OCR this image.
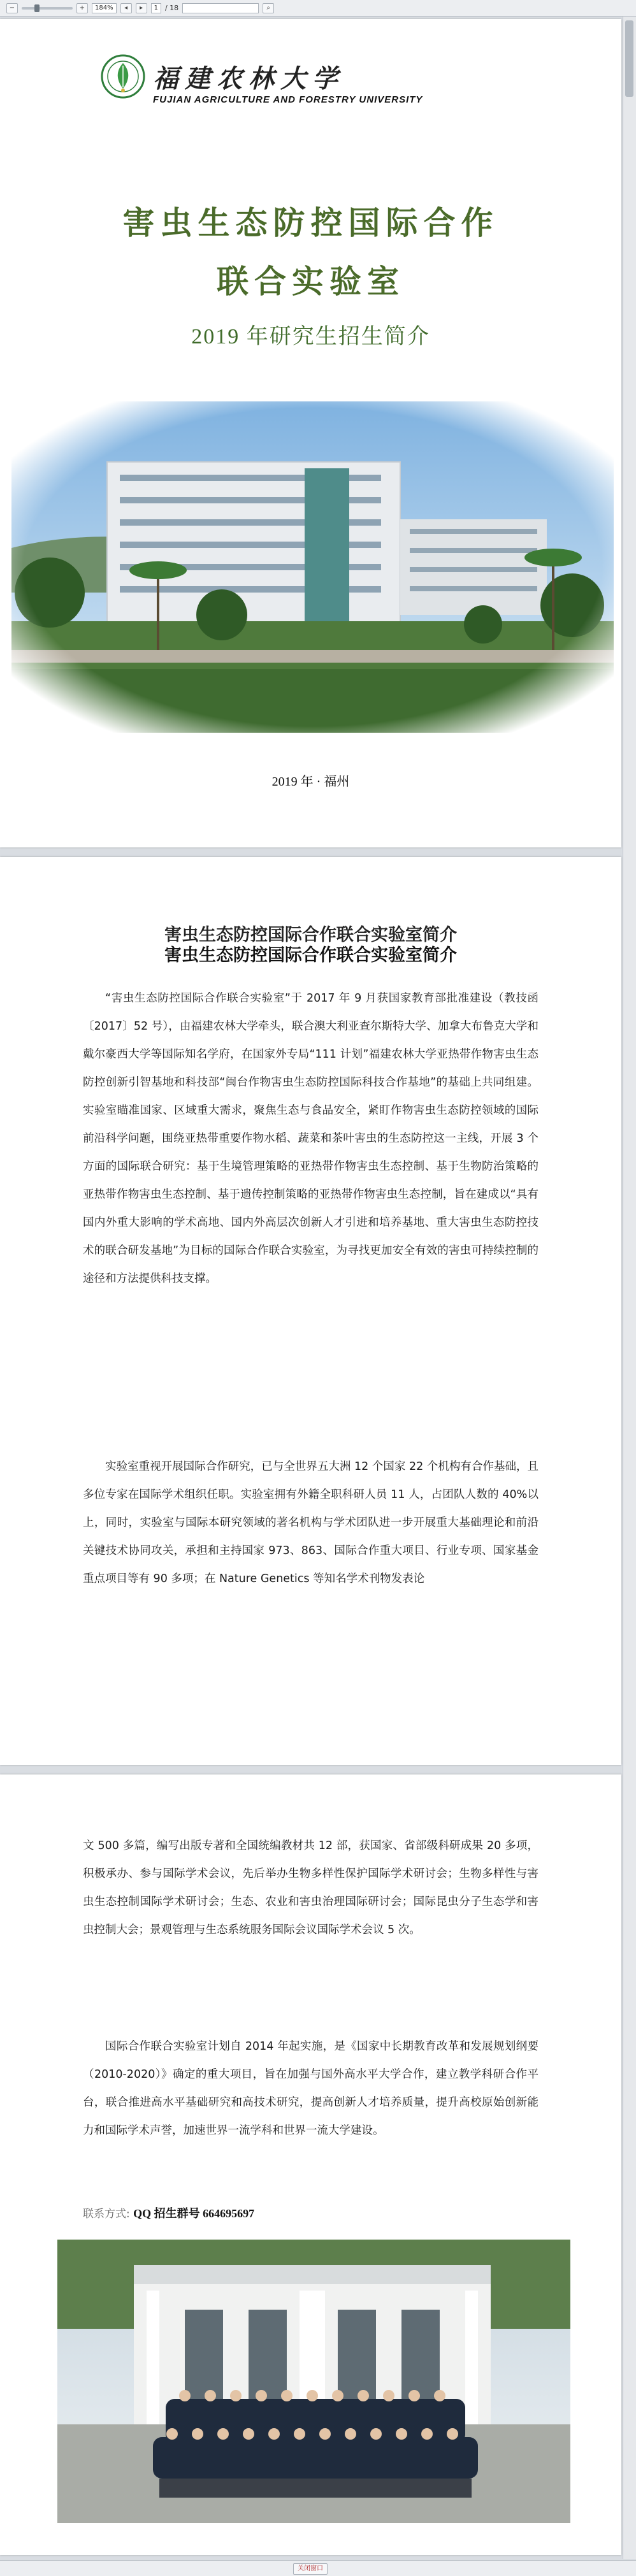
−	+	184%	◂	▸	1	/ 18	⌕
福建农林大学
FUJIAN AGRICULTURE AND FORESTRY UNIVERSITY
害虫生态防控国际合作
联合实验室
2019 年研究生招生简介
2019 年 · 福州
害虫生态防控国际合作联合实验室简介
害虫生态防控国际合作联合实验室简介

“害虫生态防控国际合作联合实验室”于 2017 年 9 月获国家教育部批准建设（教技函〔2017〕52 号），由福建农林大学牵头，联合澳大利亚查尔斯特大学、加拿大布鲁克大学和戴尔豪西大学等国际知名学府，在国家外专局“111 计划”福建农林大学亚热带作物害虫生态防控创新引智基地和科技部“闽台作物害虫生态防控国际科技合作基地”的基础上共同组建。实验室瞄准国家、区域重大需求，聚焦生态与食品安全，紧盯作物害虫生态防控领域的国际前沿科学问题，围绕亚热带重要作物水稻、蔬菜和茶叶害虫的生态防控这一主线，开展 3 个方面的国际联合研究：基于生境管理策略的亚热带作物害虫生态控制、基于生物防治策略的亚热带作物害虫生态控制、基于遗传控制策略的亚热带作物害虫生态控制，旨在建成以“具有国内外重大影响的学术高地、国内外高层次创新人才引进和培养基地、重大害虫生态防控技术的联合研发基地”为目标的国际合作联合实验室，为寻找更加安全有效的害虫可持续控制的途径和方法提供科技支撑。

实验室重视开展国际合作研究，已与全世界五大洲 12 个国家 22 个机构有合作基础，且多位专家在国际学术组织任职。实验室拥有外籍全职科研人员 11 人，占团队人数的 40%以上，同时，实验室与国际本研究领域的著名机构与学术团队进一步开展重大基础理论和前沿关键技术协同攻关，承担和主持国家 973、863、国际合作重大项目、行业专项、国家基金重点项目等有 90 多项；在 Nature Genetics 等知名学术刊物发表论

文 500 多篇，编写出版专著和全国统编教材共 12 部，获国家、省部级科研成果 20 多项，积极承办、参与国际学术会议，先后举办生物多样性保护国际学术研讨会；生物多样性与害虫生态控制国际学术研讨会；生态、农业和害虫治理国际研讨会；国际昆虫分子生态学和害虫控制大会；景观管理与生态系统服务国际会议国际学术会议 5 次。

国际合作联合实验室计划自 2014 年起实施，是《国家中长期教育改革和发展规划纲要（2010-2020）》确定的重大项目，旨在加强与国外高水平大学合作，建立教学科研合作平台，联合推进高水平基础研究和高技术研究，提高创新人才培养质量，提升高校原始创新能力和国际学术声誉，加速世界一流学科和世界一流大学建设。

联系方式: QQ 招生群号 664695697
关闭窗口
